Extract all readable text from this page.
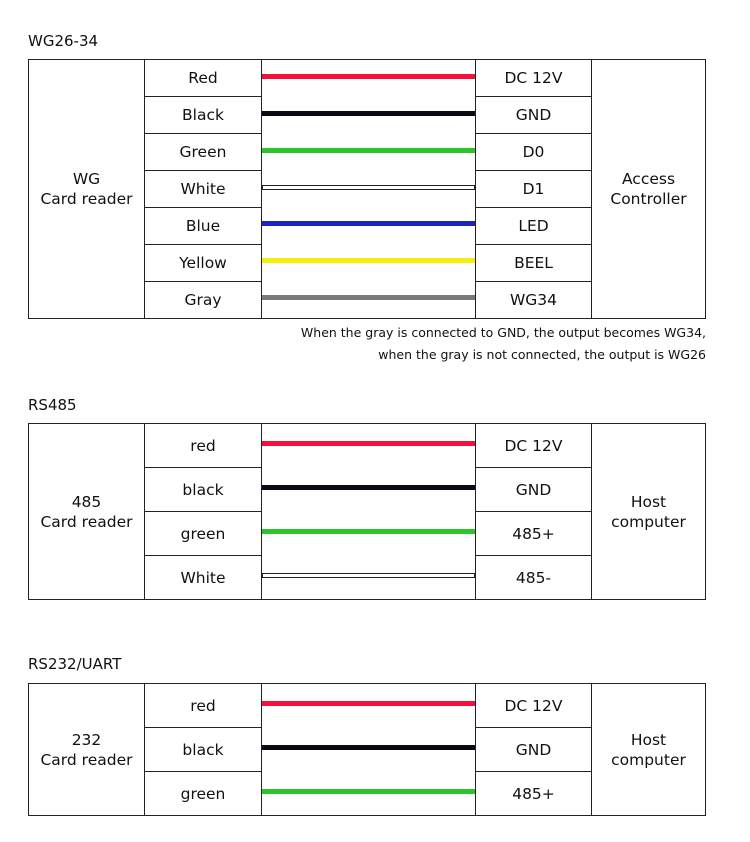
When the gray is connected to GND, the output becomes WG34,
when the gray is not connected, the output is WG26
WG26-34
WG
Card reader
Red
Black
Green
White
Blue
Yellow
Gray
DC 12V
GND
D0
D1
LED
BEEL
WG34
Access
Controller
RS485
485
Card reader
red
black
green
White
DC 12V
GND
485+
485-
Host
computer
RS232/UART
232
Card reader
red
black
green
DC 12V
GND
485+
Host
computer
